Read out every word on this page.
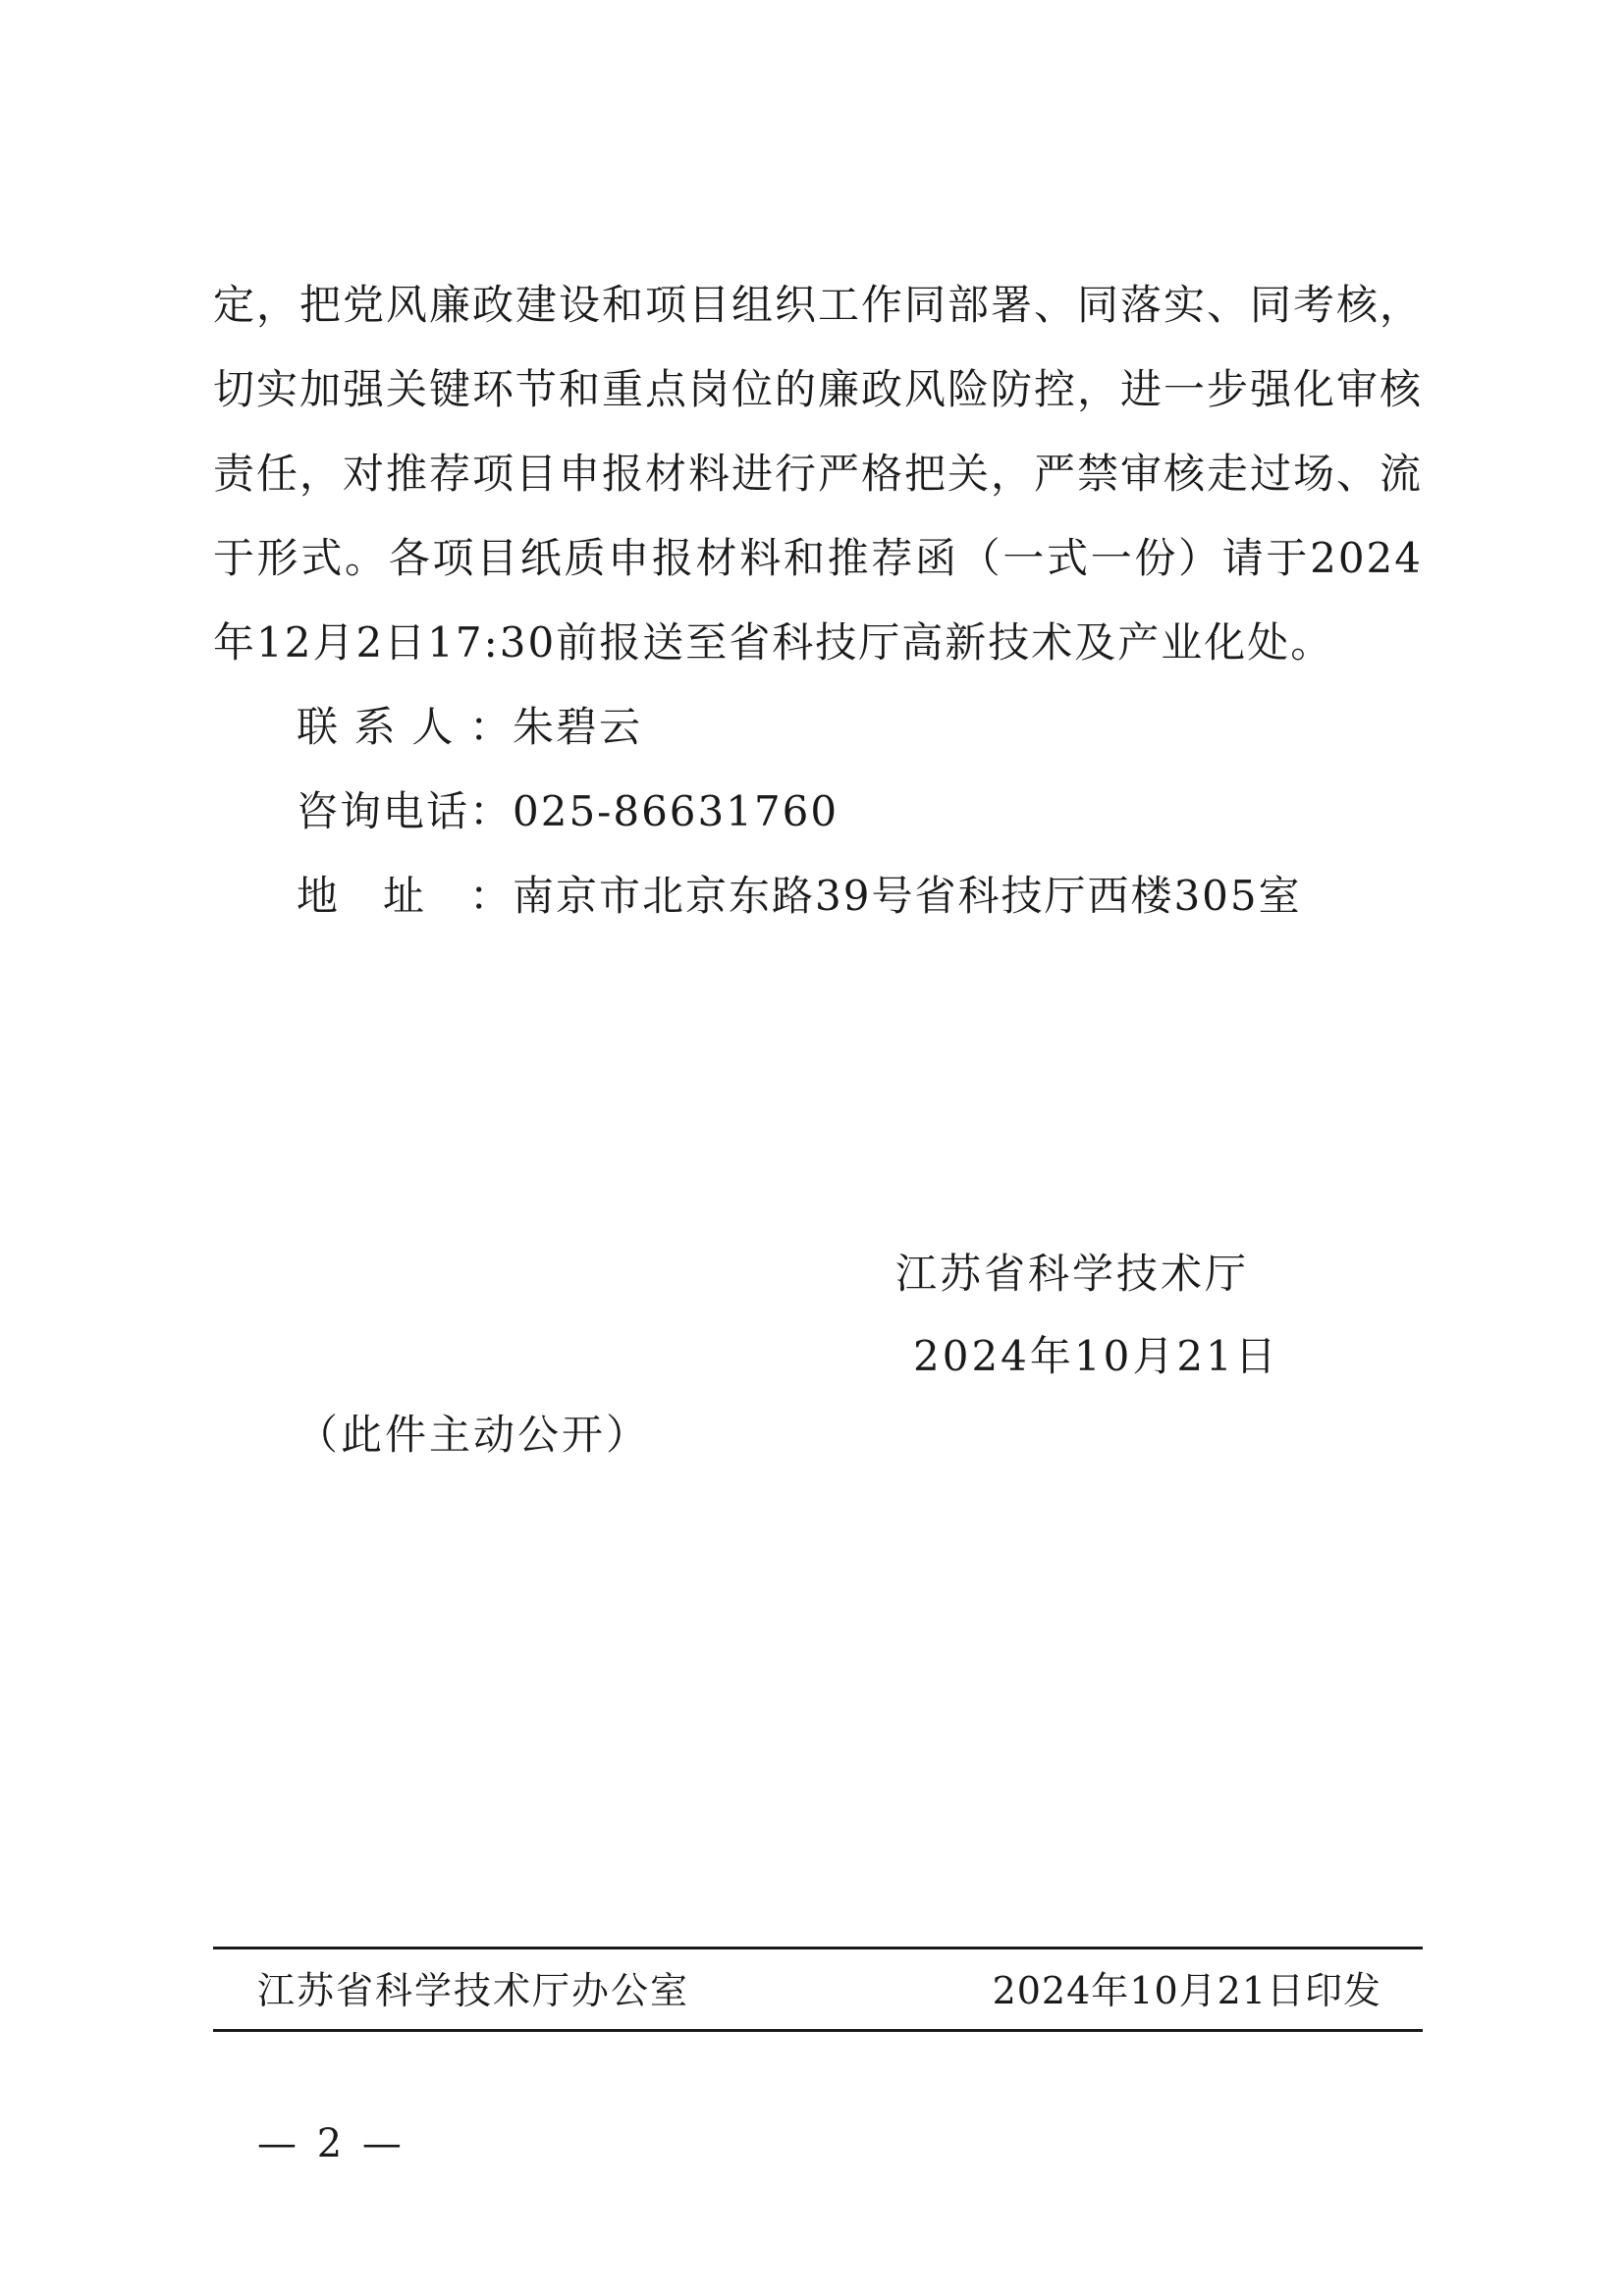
定，把党风廉政建设和项目组织工作同部署、同落实、同考核，
切实加强关键环节和重点岗位的廉政风险防控，进一步强化审核
责任，对推荐项目申报材料进行严格把关，严禁审核走过场、流
于形式。各项目纸质申报材料和推荐函（一式一份）请于2024
年12月2日17:30前报送至省科技厅高新技术及产业化处。
联系人：朱碧云
咨询电话：025-86631760
地址：南京市北京东路39号省科技厅西楼305室
江苏省科学技术厅
2024年10月21日
（此件主动公开）
江苏省科学技术厅办公室	2024年10月21日印发
— 2 —
